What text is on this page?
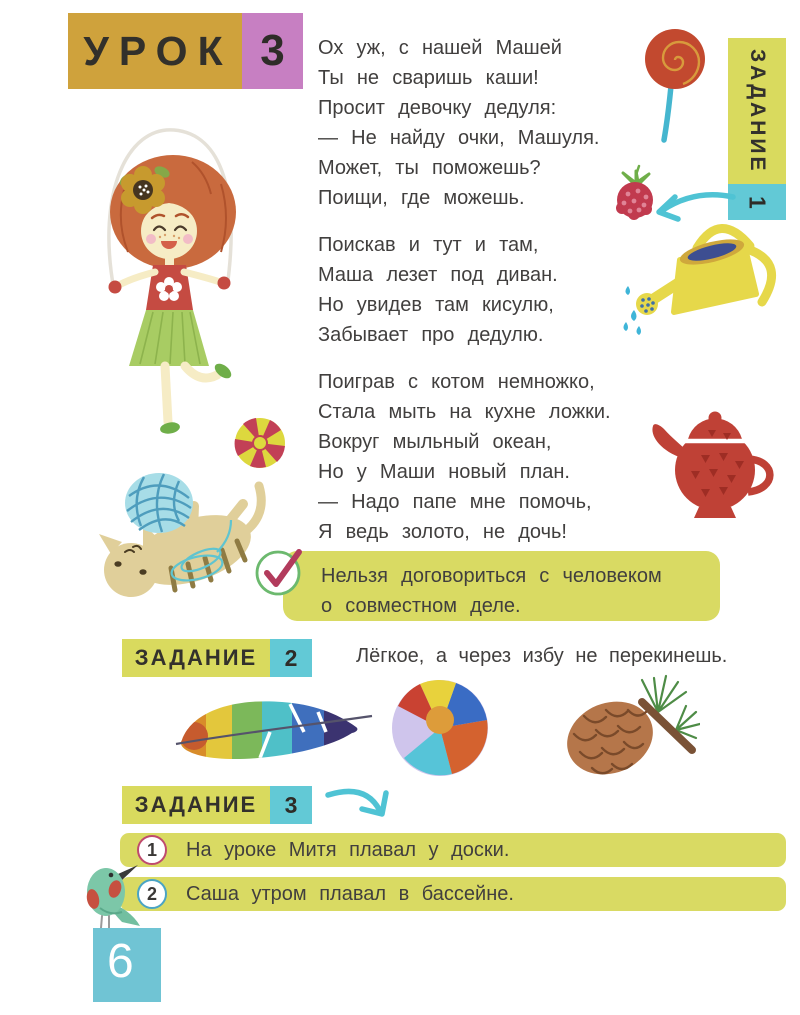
УРОК 3	Ох уж, с нашей Машей
Ты не сваришь каши!
Просит девочку дедуля:
— Не найду очки, Машуля.
Может, ты поможешь?
Поищи, где можешь.
Поискав и тут и там,
Маша лезет под диван.
Но увидев там кисулю,
Забывает про дедулю.
Поиграв с котом немножко,
Стала мыть на кухне ложки.
Вокруг мыльный океан,
Но у Маши новый план.
— Надо папе мне помочь,
Я ведь золото, не дочь!
ЗАДАНИЕ
1
Нельзя договориться с человеком
о совместном деле.
ЗАДАНИЕ	2	Лёгкое, а через избу не перекинешь.
ЗАДАНИЕ	3
На уроке Митя плавал у доски.
1
Саша утром плавал в бассейне.
2
6
